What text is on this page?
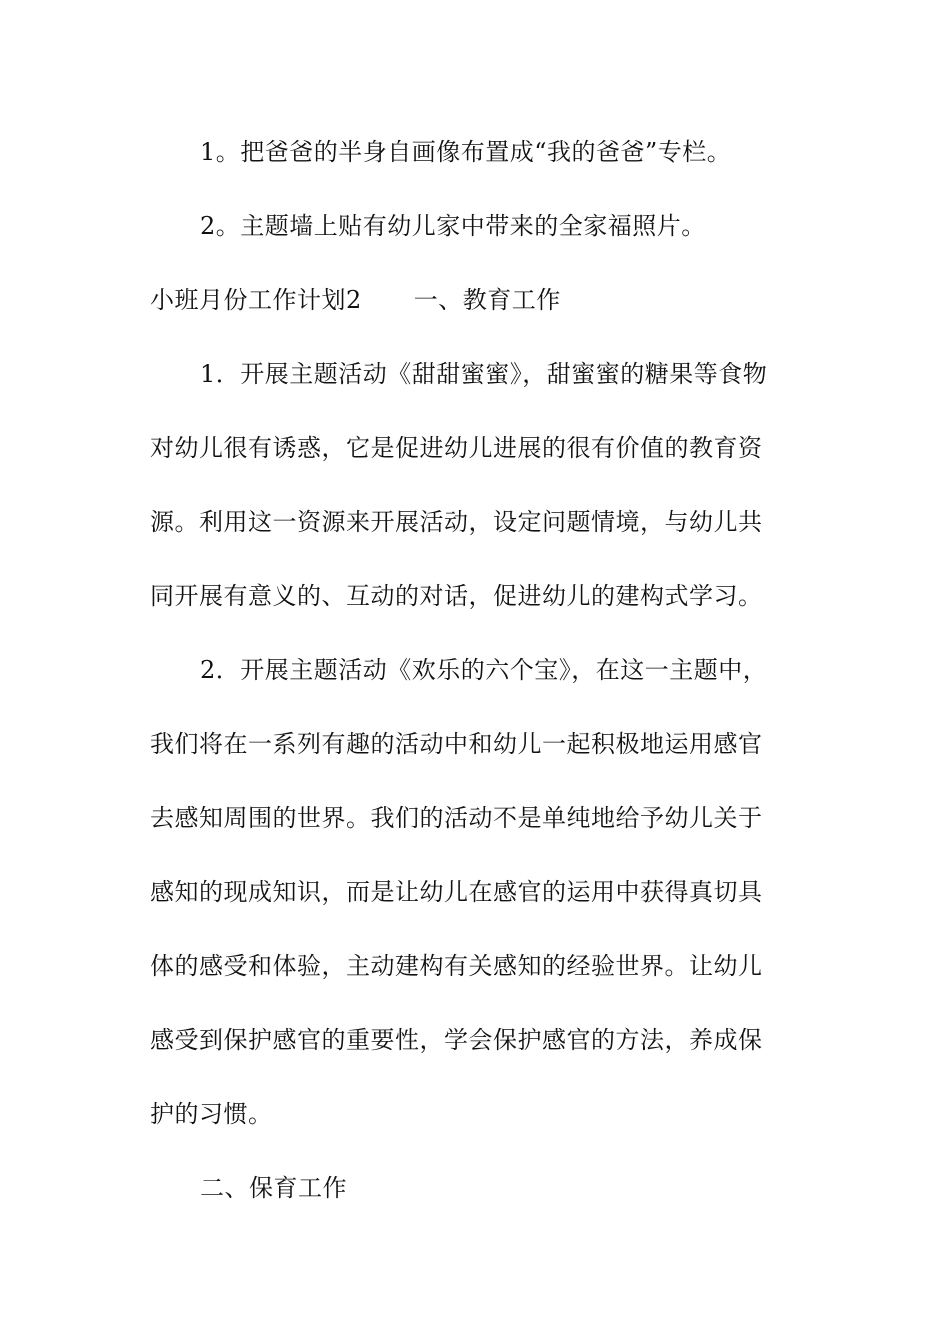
1。把爸爸的半身自画像布置成“我的爸爸”专栏。
2。主题墙上贴有幼儿家中带来的全家福照片。
小班月份工作计划2 一、教育工作
1．开展主题活动《甜甜蜜蜜》，甜蜜蜜的糖果等食物
对幼儿很有诱惑，它是促进幼儿进展的很有价值的教育资
源。利用这一资源来开展活动，设定问题情境，与幼儿共
同开展有意义的、互动的对话，促进幼儿的建构式学习。
2．开展主题活动《欢乐的六个宝》，在这一主题中，
我们将在一系列有趣的活动中和幼儿一起积极地运用感官
去感知周围的世界。我们的活动不是单纯地给予幼儿关于
感知的现成知识，而是让幼儿在感官的运用中获得真切具
体的感受和体验，主动建构有关感知的经验世界。让幼儿
感受到保护感官的重要性，学会保护感官的方法，养成保
护的习惯。
二、保育工作
